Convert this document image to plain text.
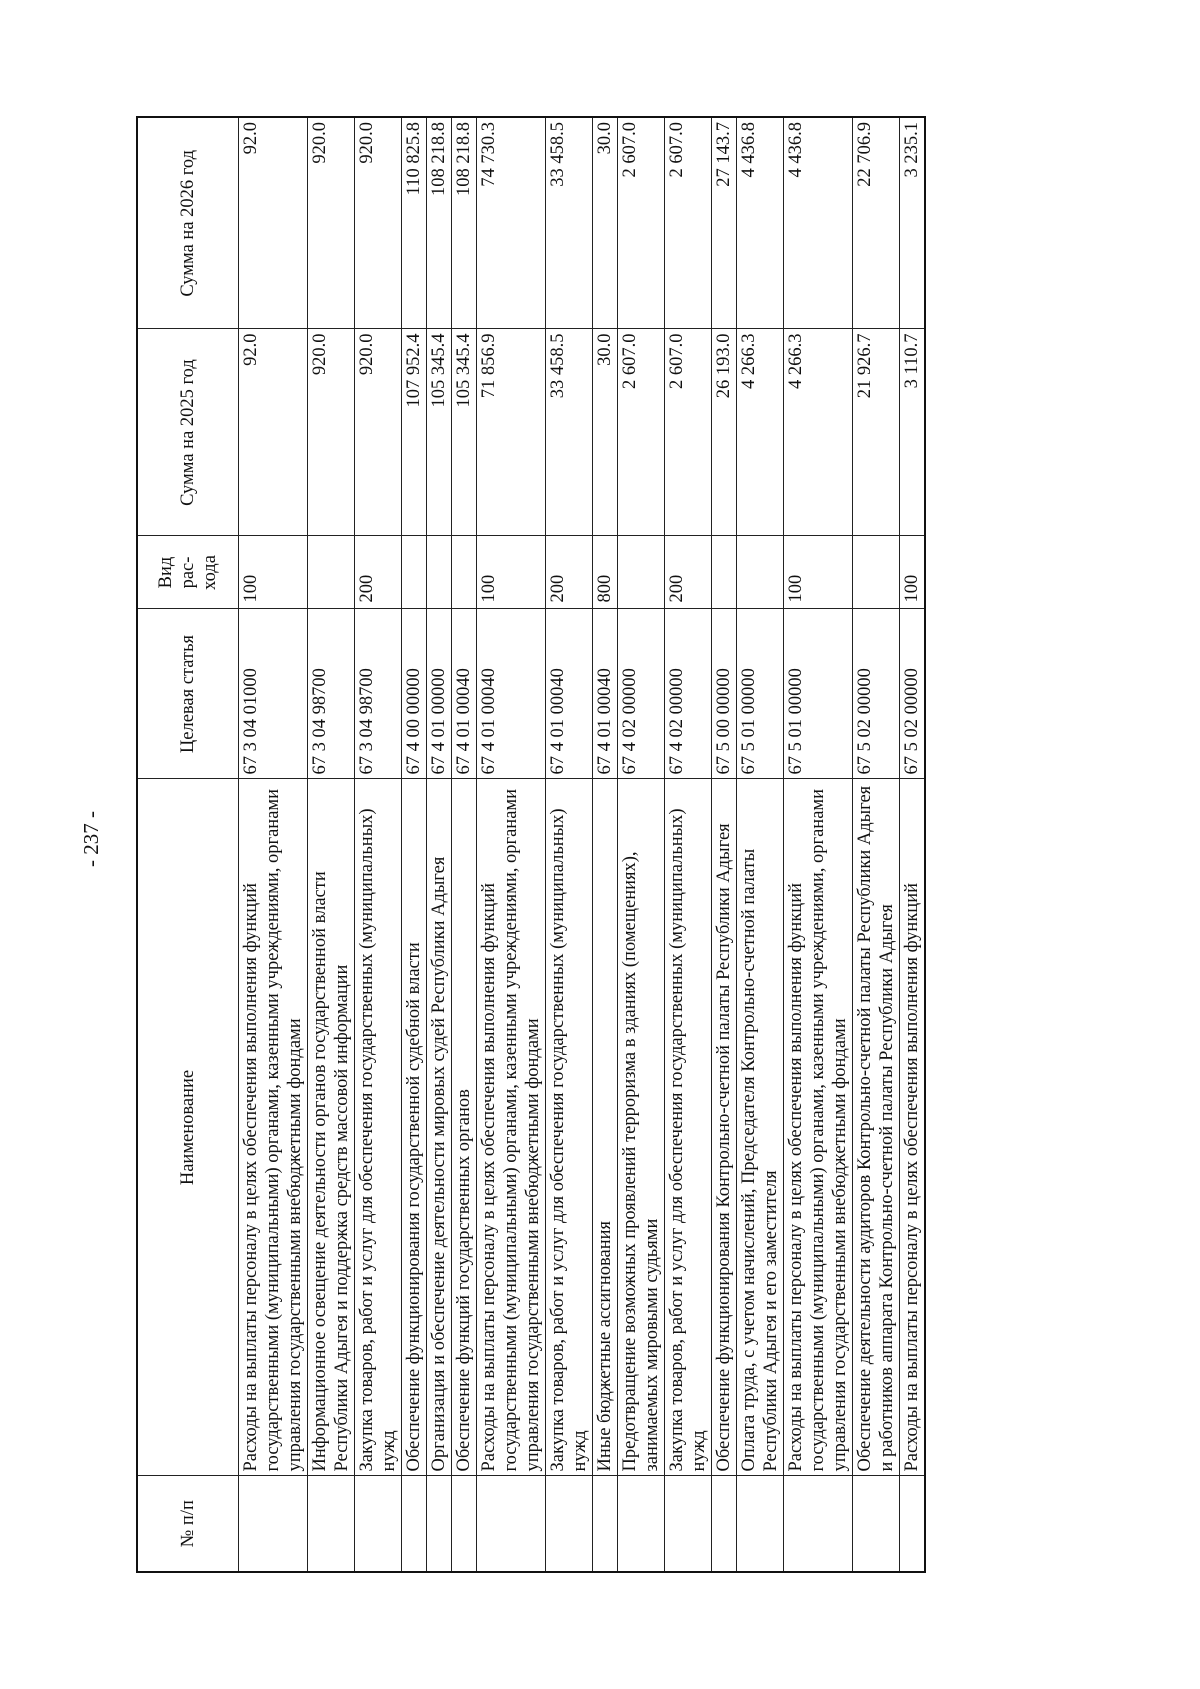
- 237 -
№ п/п	Наименование	Целевая статья	Вид рас- хода	Сумма на 2025 год	Сумма на 2026 год
	Расходы на выплаты персоналу в целях обеспечения выполнения функций государственными (муниципальными) органами, казенными учреждениями, органами управления государственными внебюджетными фондами	67 3 04 01000	100	92.0	92.0
	Информационное освещение деятельности органов государственной власти Республики Адыгея и поддержка средств массовой информации	67 3 04 98700		920.0	920.0
	Закупка товаров, работ и услуг для обеспечения государственных (муниципальных) нужд	67 3 04 98700	200	920.0	920.0
	Обеспечение функционирования государственной судебной власти	67 4 00 00000		107 952.4	110 825.8
	Организация и обеспечение деятельности мировых судей Республики Адыгея	67 4 01 00000		105 345.4	108 218.8
	Обеспечение функций государственных органов	67 4 01 00040		105 345.4	108 218.8
	Расходы на выплаты персоналу в целях обеспечения выполнения функций государственными (муниципальными) органами, казенными учреждениями, органами управления государственными внебюджетными фондами	67 4 01 00040	100	71 856.9	74 730.3
	Закупка товаров, работ и услуг для обеспечения государственных (муниципальных) нужд	67 4 01 00040	200	33 458.5	33 458.5
	Иные бюджетные ассигнования	67 4 01 00040	800	30.0	30.0
	Предотвращение возможных проявлений терроризма в зданиях (помещениях), занимаемых мировыми судьями	67 4 02 00000		2 607.0	2 607.0
	Закупка товаров, работ и услуг для обеспечения государственных (муниципальных) нужд	67 4 02 00000	200	2 607.0	2 607.0
	Обеспечение функционирования Контрольно-счетной палаты Республики Адыгея	67 5 00 00000		26 193.0	27 143.7
	Оплата труда, с учетом начислений, Председателя Контрольно-счетной палаты Республики Адыгея и его заместителя	67 5 01 00000		4 266.3	4 436.8
	Расходы на выплаты персоналу в целях обеспечения выполнения функций государственными (муниципальными) органами, казенными учреждениями, органами управления государственными внебюджетными фондами	67 5 01 00000	100	4 266.3	4 436.8
	Обеспечение деятельности аудиторов Контрольно-счетной палаты Республики Адыгея и работников аппарата Контрольно-счетной палаты Республики Адыгея	67 5 02 00000		21 926.7	22 706.9
	Расходы на выплаты персоналу в целях обеспечения выполнения функций	67 5 02 00000	100	3 110.7	3 235.1
